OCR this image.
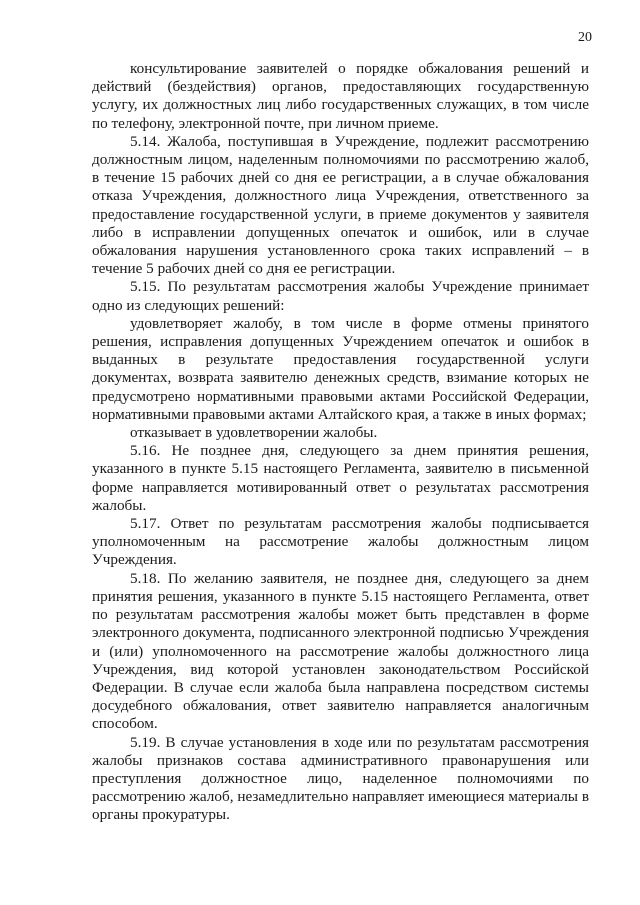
20

консультирование заявителей о порядке обжалования решений и действий (бездействия) органов, предоставляющих государственную услугу, их должностных лиц либо государственных служащих, в том числе по телефону, электронной почте, при личном приеме.

5.14. Жалоба, поступившая в Учреждение, подлежит рассмотрению должностным лицом, наделенным полномочиями по рассмотрению жалоб, в течение 15 рабочих дней со дня ее регистрации, а в случае обжалования отказа Учреждения, должностного лица Учреждения, ответственного за предоставление государственной услуги, в приеме документов у заявителя либо в исправлении допущенных опечаток и ошибок, или в случае обжалования нарушения установленного срока таких исправлений – в течение 5 рабочих дней со дня ее регистрации.

5.15. По результатам рассмотрения жалобы Учреждение принимает одно из следующих решений:

удовлетворяет жалобу, в том числе в форме отмены принятого решения, исправления допущенных Учреждением опечаток и ошибок в выданных в результате предоставления государственной услуги документах, возврата заявителю денежных средств, взимание которых не предусмотрено нормативными правовыми актами Российской Федерации, нормативными правовыми актами Алтайского края, а также в иных формах;

отказывает в удовлетворении жалобы.

5.16. Не позднее дня, следующего за днем принятия решения, указанного в пункте 5.15 настоящего Регламента, заявителю в письменной форме направляется мотивированный ответ о результатах рассмотрения жалобы.

5.17. Ответ по результатам рассмотрения жалобы подписывается уполномоченным на рассмотрение жалобы должностным лицом Учреждения.

5.18. По желанию заявителя, не позднее дня, следующего за днем принятия решения, указанного в пункте 5.15 настоящего Регламента, ответ по результатам рассмотрения жалобы может быть представлен в форме электронного документа, подписанного электронной подписью Учреждения и (или) уполномоченного на рассмотрение жалобы должностного лица Учреждения, вид которой установлен законодательством Российской Федерации. В случае если жалоба была направлена посредством системы досудебного обжалования, ответ заявителю направляется аналогичным способом.

5.19. В случае установления в ходе или по результатам рассмотрения жалобы признаков состава административного правонарушения или преступления должностное лицо, наделенное полномочиями по рассмотрению жалоб, незамедлительно направляет имеющиеся материалы в органы прокуратуры.
